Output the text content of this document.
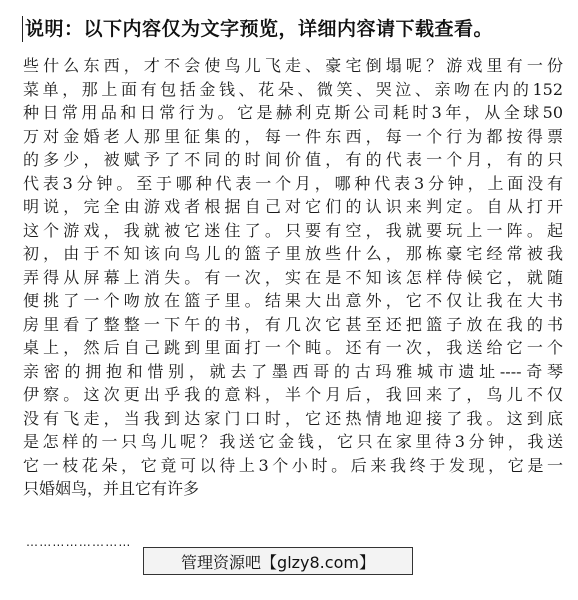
说明：以下内容仅为文字预览，详细内容请下载查看。
些什么东西，才不会使鸟儿飞走、豪宅倒塌呢？游戏里有一份
菜单，那上面有包括金钱、花朵、微笑、哭泣、亲吻在内的152
种日常用品和日常行为。它是赫利克斯公司耗时3年，从全球50
万对金婚老人那里征集的，每一件东西，每一个行为都按得票
的多少，被赋予了不同的时间价值，有的代表一个月，有的只
代表3分钟。至于哪种代表一个月，哪种代表3分钟，上面没有
明说，完全由游戏者根据自己对它们的认识来判定。自从打开
这个游戏，我就被它迷住了。只要有空，我就要玩上一阵。起
初，由于不知该向鸟儿的篮子里放些什么，那栋豪宅经常被我
弄得从屏幕上消失。有一次，实在是不知该怎样侍候它，就随
便挑了一个吻放在篮子里。结果大出意外，它不仅让我在大书
房里看了整整一下午的书，有几次它甚至还把篮子放在我的书
桌上，然后自己跳到里面打一个盹。还有一次，我送给它一个
亲密的拥抱和惜别，就去了墨西哥的古玛雅城市遗址----奇琴
伊察。这次更出乎我的意料，半个月后，我回来了，鸟儿不仅
没有飞走，当我到达家门口时，它还热情地迎接了我。这到底
是怎样的一只鸟儿呢？我送它金钱，它只在家里待3分钟，我送
它一枝花朵，它竟可以待上3个小时。后来我终于发现，它是一
只婚姻鸟，并且它有许多
……………………
管理资源吧【glzy8.com】
